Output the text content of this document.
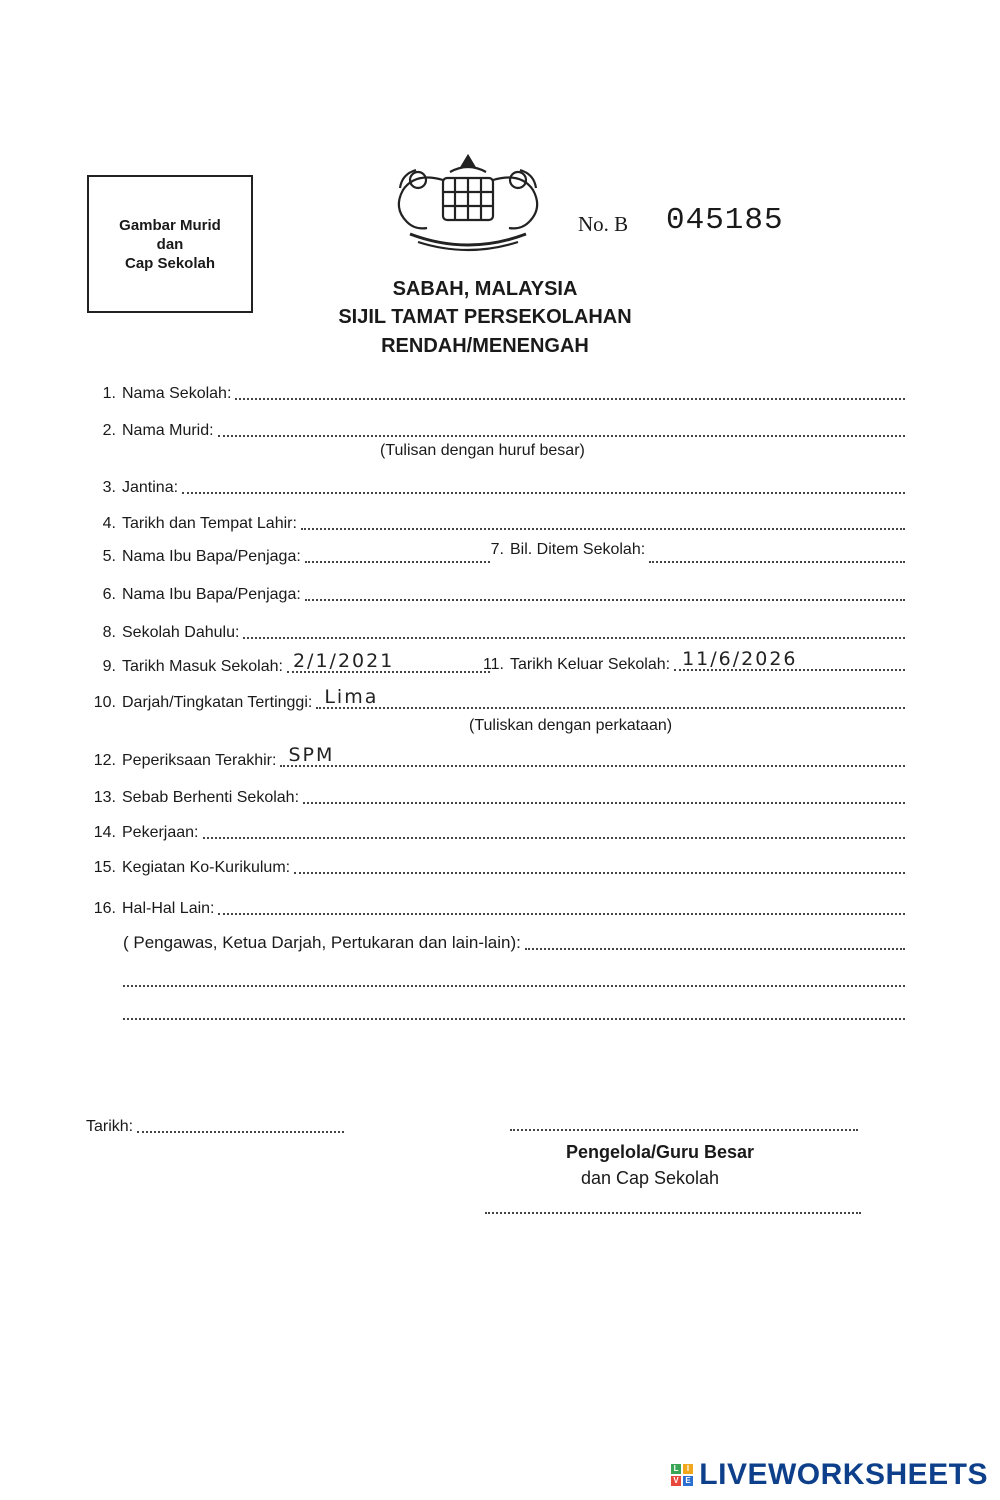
Gambar Murid
dan
Cap Sekolah
No. B 045185
SABAH, MALAYSIA
SIJIL TAMAT PERSEKOLAHAN
RENDAH/MENENGAH
1. Nama Sekolah:
2. Nama Murid:
(Tulisan dengan huruf besar)
3. Jantina:
4. Tarikh dan Tempat Lahir:
5. Nama Ibu Bapa/Penjaga:	7. Bil. Ditem Sekolah:
6. Nama Ibu Bapa/Penjaga:
8. Sekolah Dahulu:
9. Tarikh Masuk Sekolah: 2/1/2021	11. Tarikh Keluar Sekolah: 11/6/2026
10. Darjah/Tingkatan Tertinggi: Lima
(Tuliskan dengan perkataan)
12. Peperiksaan Terakhir: SPM
13. Sebab Berhenti Sekolah:
14. Pekerjaan:
15. Kegiatan Ko-Kurikulum:
16. Hal-Hal Lain:
( Pengawas, Ketua Darjah, Pertukaran dan lain-lain):
Tarikh:
Pengelola/Guru Besar
dan Cap Sekolah
L I
V E LIVEWORKSHEETS
